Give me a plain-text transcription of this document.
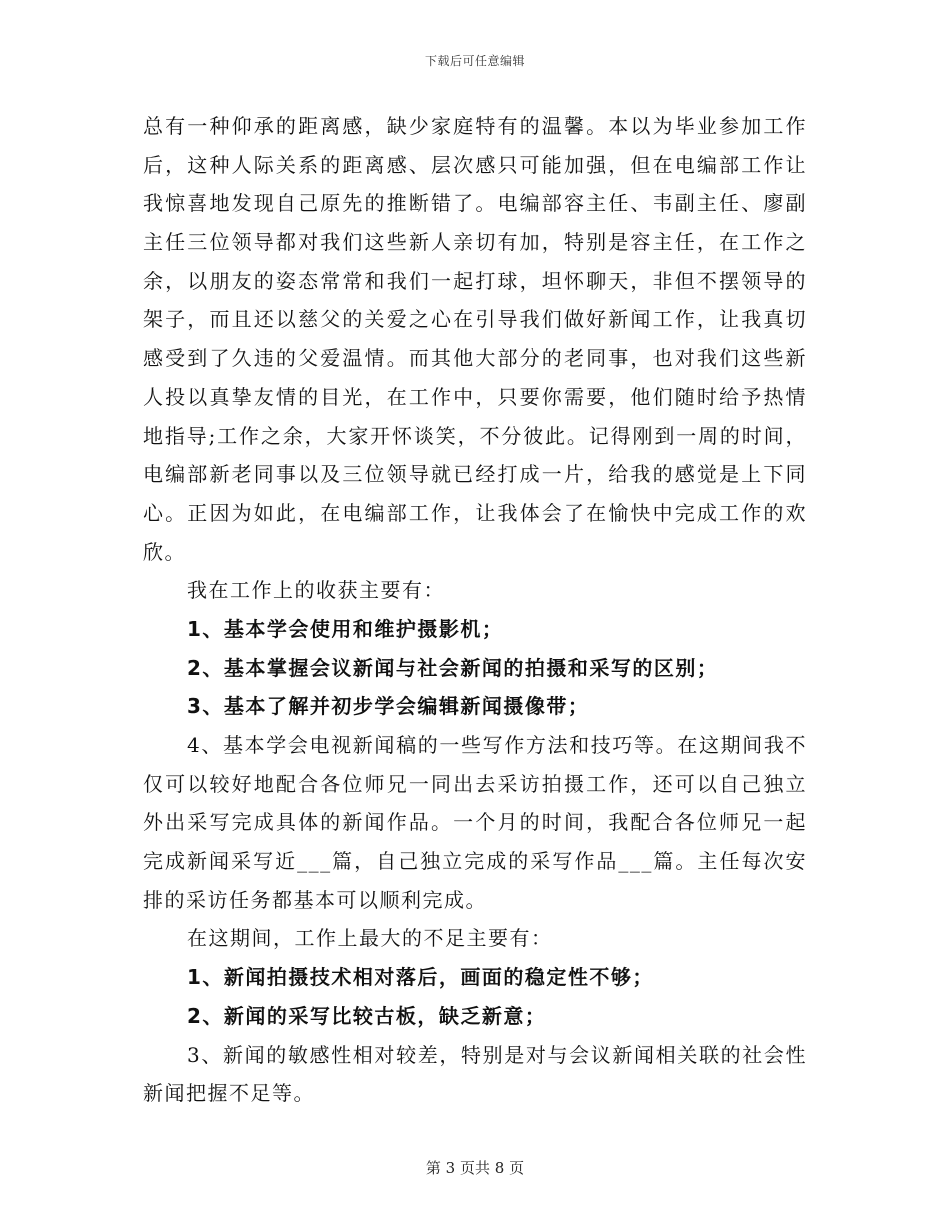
下载后可任意编辑
总有一种仰承的距离感，缺少家庭特有的温馨。本以为毕业参加工作
后，这种人际关系的距离感、层次感只可能加强，但在电编部工作让
我惊喜地发现自己原先的推断错了。电编部容主任、韦副主任、廖副
主任三位领导都对我们这些新人亲切有加，特别是容主任，在工作之
余，以朋友的姿态常常和我们一起打球，坦怀聊天，非但不摆领导的
架子，而且还以慈父的关爱之心在引导我们做好新闻工作，让我真切
感受到了久违的父爱温情。而其他大部分的老同事，也对我们这些新
人投以真挚友情的目光，在工作中，只要你需要，他们随时给予热情
地指导;工作之余，大家开怀谈笑，不分彼此。记得刚到一周的时间，
电编部新老同事以及三位领导就已经打成一片，给我的感觉是上下同
心。正因为如此，在电编部工作，让我体会了在愉快中完成工作的欢
欣。
我在工作上的收获主要有：
1、基本学会使用和维护摄影机；
2、基本掌握会议新闻与社会新闻的拍摄和采写的区别；
3、基本了解并初步学会编辑新闻摄像带；
4、基本学会电视新闻稿的一些写作方法和技巧等。在这期间我不
仅可以较好地配合各位师兄一同出去采访拍摄工作，还可以自己独立
外出采写完成具体的新闻作品。一个月的时间，我配合各位师兄一起
完成新闻采写近___篇，自己独立完成的采写作品___篇。主任每次安
排的采访任务都基本可以顺利完成。
在这期间，工作上最大的不足主要有：
1、新闻拍摄技术相对落后，画面的稳定性不够；
2、新闻的采写比较古板，缺乏新意；
3、新闻的敏感性相对较差，特别是对与会议新闻相关联的社会性
新闻把握不足等。
第 3 页共 8 页
